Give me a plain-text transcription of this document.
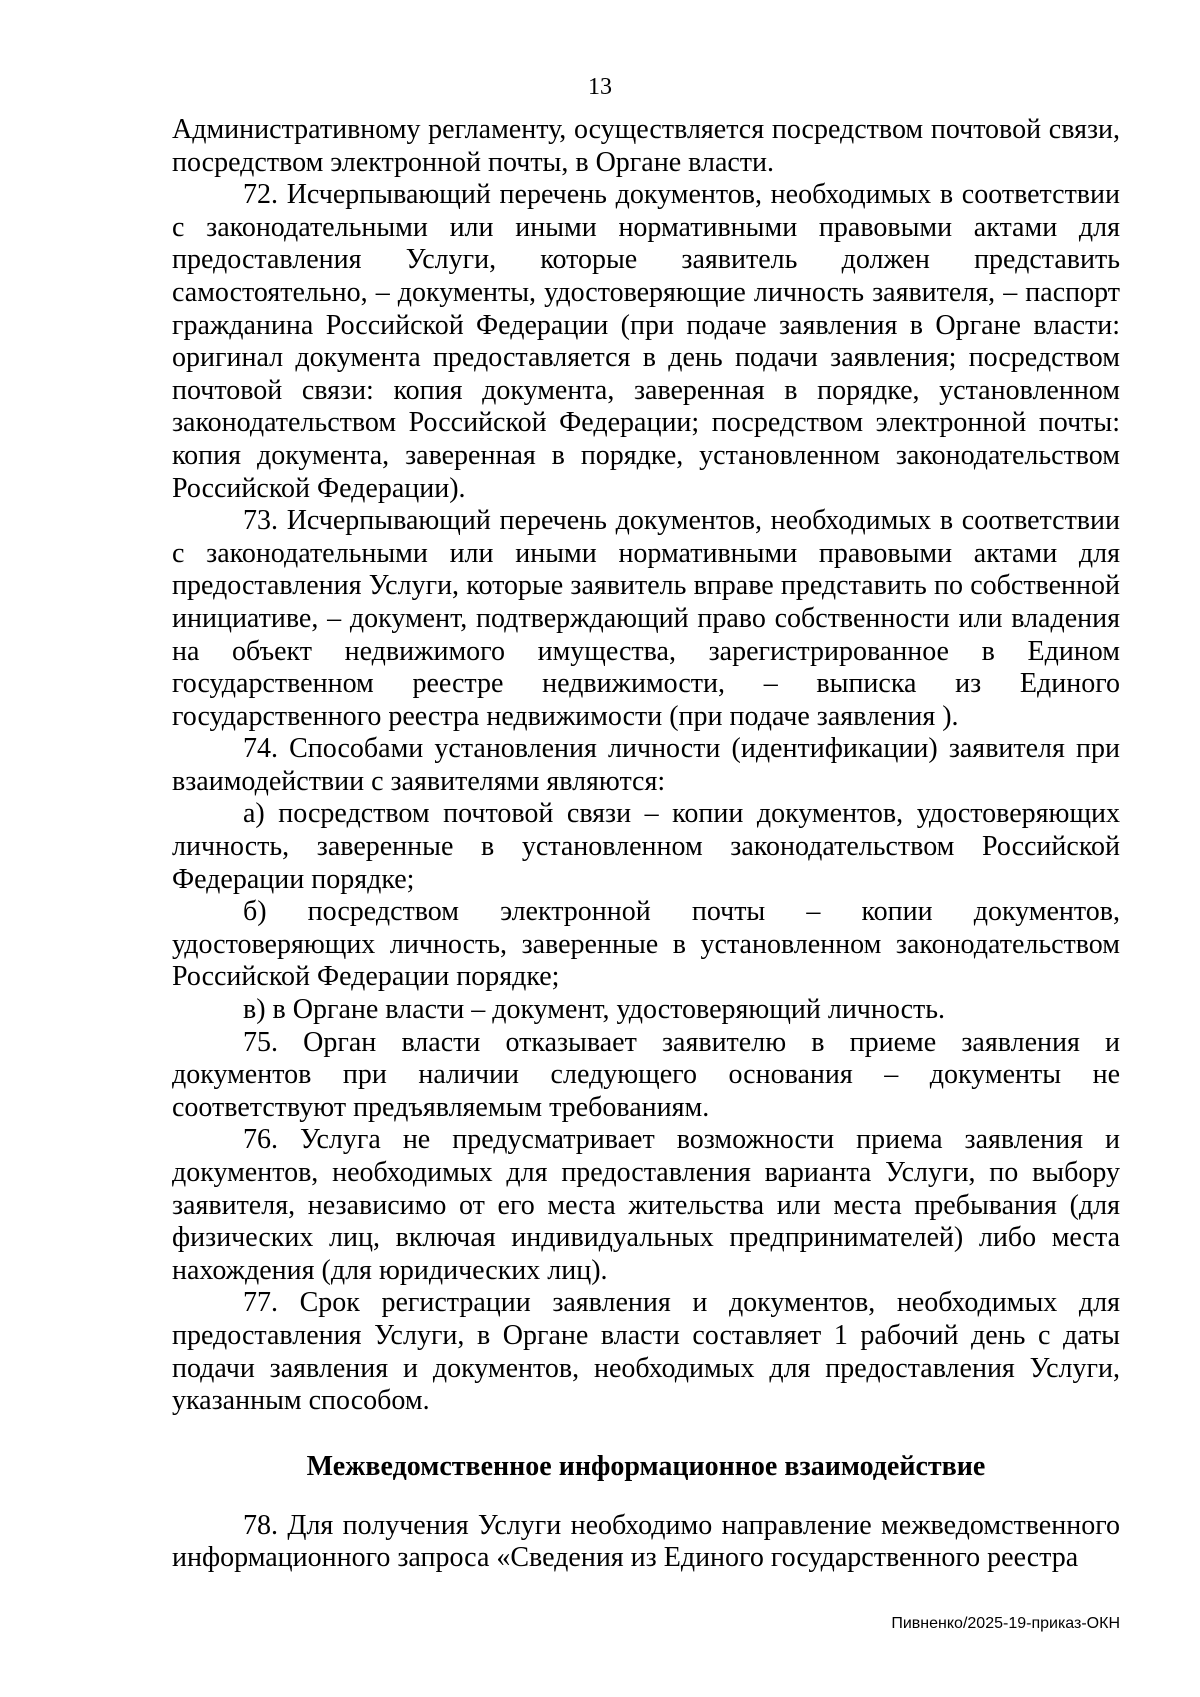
13

Административному регламенту, осуществляется посредством почтовой связи, посредством электронной почты, в Органе власти.

72. Исчерпывающий перечень документов, необходимых в соответствии с законодательными или иными нормативными правовыми актами для предоставления Услуги, которые заявитель должен представить самостоятельно, – документы, удостоверяющие личность заявителя, – паспорт гражданина Российской Федерации (при подаче заявления в Органе власти: оригинал документа предоставляется в день подачи заявления; посредством почтовой связи: копия документа, заверенная в порядке, установленном законодательством Российской Федерации; посредством электронной почты: копия документа, заверенная в порядке, установленном законодательством Российской Федерации).

73. Исчерпывающий перечень документов, необходимых в соответствии с законодательными или иными нормативными правовыми актами для предоставления Услуги, которые заявитель вправе представить по собственной инициативе, – документ, подтверждающий право собственности или владения на объект недвижимого имущества, зарегистрированное в Едином государственном реестре недвижимости, – выписка из Единого государственного реестра недвижимости (при подаче заявления ).

74. Способами установления личности (идентификации) заявителя при взаимодействии с заявителями являются:

а) посредством почтовой связи – копии документов, удостоверяющих личность, заверенные в установленном законодательством Российской Федерации порядке;

б) посредством электронной почты – копии документов, удостоверяющих личность, заверенные в установленном законодательством Российской Федерации порядке;

в) в Органе власти – документ, удостоверяющий личность.

75. Орган власти отказывает заявителю в приеме заявления и документов при наличии следующего основания – документы не соответствуют предъявляемым требованиям.

76. Услуга не предусматривает возможности приема заявления и документов, необходимых для предоставления варианта Услуги, по выбору заявителя, независимо от его места жительства или места пребывания (для физических лиц, включая индивидуальных предпринимателей) либо места нахождения (для юридических лиц).

77. Срок регистрации заявления и документов, необходимых для предоставления Услуги, в Органе власти составляет 1 рабочий день с даты подачи заявления и документов, необходимых для предоставления Услуги, указанным способом.

Межведомственное информационное взаимодействие

78. Для получения Услуги необходимо направление межведомственного информационного запроса «Сведения из Единого государственного реестра

Пивненко/2025-19-приказ-ОКН
